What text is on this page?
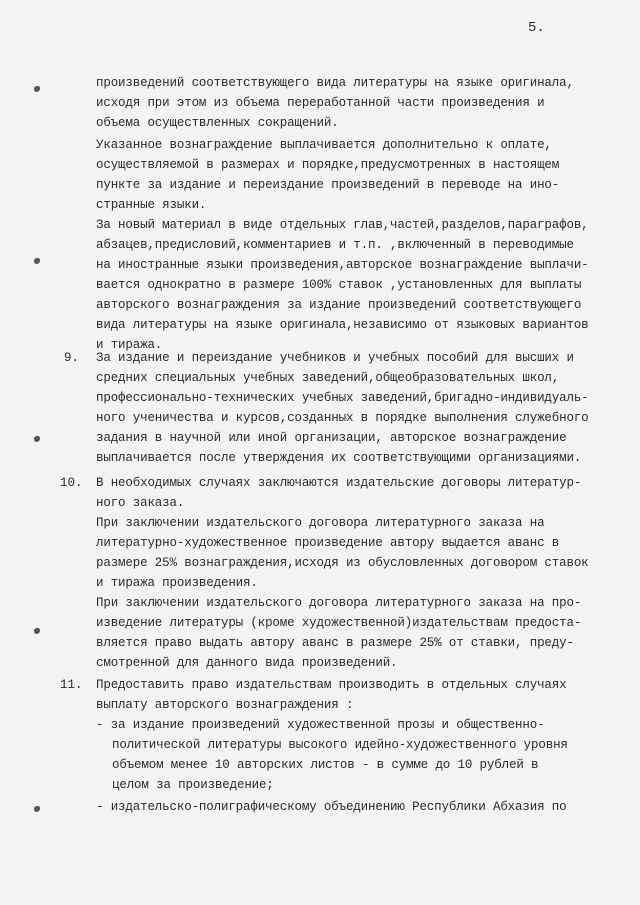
5.
произведений соответствующего вида литературы на языке оригинала,
исходя при этом из объема переработанной части произведения и
объема осуществленных сокращений.
Указанное вознаграждение выплачивается дополнительно к оплате,
осуществляемой в размерах и порядке,предусмотренных в настоящем
пункте за издание и переиздание произведений в переводе на ино-
странные языки.
За новый материал в виде отдельных глав,частей,разделов,параграфов,
абзацев,предисловий,комментариев и т.п. ,включенный в переводимые
на иностранные языки произведения,авторское вознаграждение выплачи-
вается однократно в размере 100% ставок ,установленных для выплаты
авторского вознаграждения за издание произведений соответствующего
вида литературы на языке оригинала,независимо от языковых вариантов
и тиража.
9. За издание и переиздание учебников и учебных пособий для высших и
средних специальных учебных заведений,общеобразовательных школ,
профессионально-технических учебных заведений,бригадно-индивидуаль-
ного ученичества и курсов,созданных в порядке выполнения служебного
задания в научной или иной организации, авторское вознаграждение
выплачивается после утверждения их соответствующими организациями.
10. В необходимых случаях заключаются издательские договоры литератур-
ного заказа.
При заключении издательского договора литературного заказа на
литературно-художественное произведение автору выдается аванс в
размере 25% вознаграждения,исходя из обусловленных договором ставок
и тиража произведения.
При заключении издательского договора литературного заказа на про-
изведение литературы (кроме художественной)издательствам предоста-
вляется право выдать автору аванс в размере 25% от ставки, преду-
смотренной для данного вида произведений.
11. Предоставить право издательствам производить в отдельных случаях
выплату авторского вознаграждения :
- за издание произведений художественной прозы и общественно-
политической литературы высокого идейно-художественного уровня
объемом менее 10 авторских листов - в сумме до 10 рублей в
целом за произведение;
- издательско-полиграфическому объединению Республики Абхазия по
